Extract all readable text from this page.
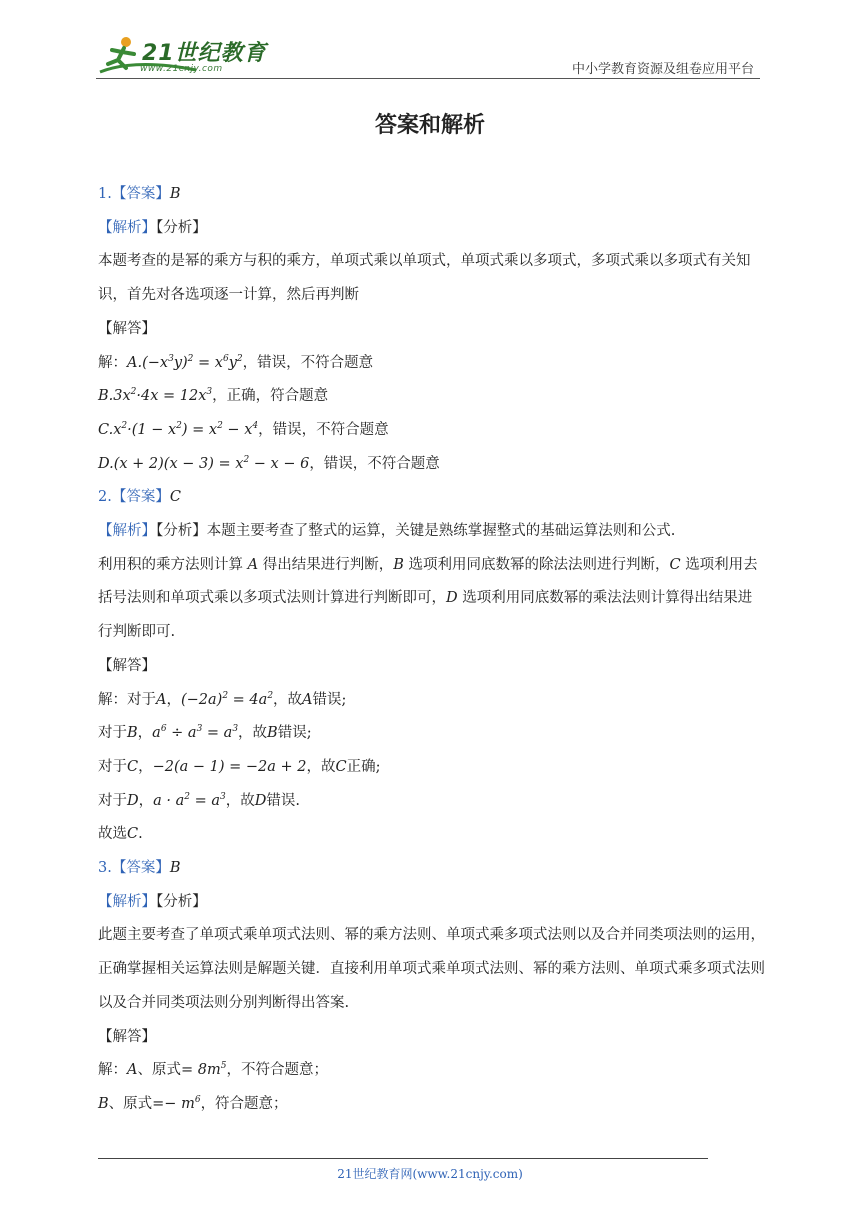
21世纪教育
www.21cnjy.com	中小学教育资源及组卷应用平台
答案和解析
1.【答案】B
【解析】【分析】
本题考查的是幂的乘方与积的乘方，单项式乘以单项式，单项式乘以多项式，多项式乘以多项式有关知识，首先对各选项逐一计算，然后再判断
【解答】
解：$A.(-x^3y)^2 = x^6y^2$，错误，不符合题意
$B.3x^2\cdot 4x = 12x^3$，正确，符合题意
$C.x^2\cdot(1 - x^2) = x^2 - x^4$，错误，不符合题意
$D.(x + 2)(x - 3) = x^2 - x - 6$，错误，不符合题意
2.【答案】C
【解析】【分析】本题主要考查了整式的运算，关键是熟练掌握整式的基础运算法则和公式.
利用积的乘方法则计算 A 得出结果进行判断，B 选项利用同底数幂的除法法则进行判断，C 选项利用去括号法则和单项式乘以多项式法则计算进行判断即可，D 选项利用同底数幂的乘法法则计算得出结果进行判断即可.
【解答】
解：对于A，$(-2a)^2 = 4a^2$，故A错误;
对于B，$a^6 \div a^3 = a^3$，故B错误;
对于C，−2(a − 1) = −2a + 2，故C正确;
对于D，$a \cdot a^2 = a^3$，故D错误.
故选C.
3.【答案】B
【解析】【分析】
此题主要考查了单项式乘单项式法则、幂的乘方法则、单项式乘多项式法则以及合并同类项法则的运用，正确掌握相关运算法则是解题关键．直接利用单项式乘单项式法则、幂的乘方法则、单项式乘多项式法则以及合并同类项法则分别判断得出答案.
【解答】
解：A、原式= $8m^5$，不符合题意；
B、原式=− $m^6$，符合题意；
21世纪教育网(www.21cnjy.com)
